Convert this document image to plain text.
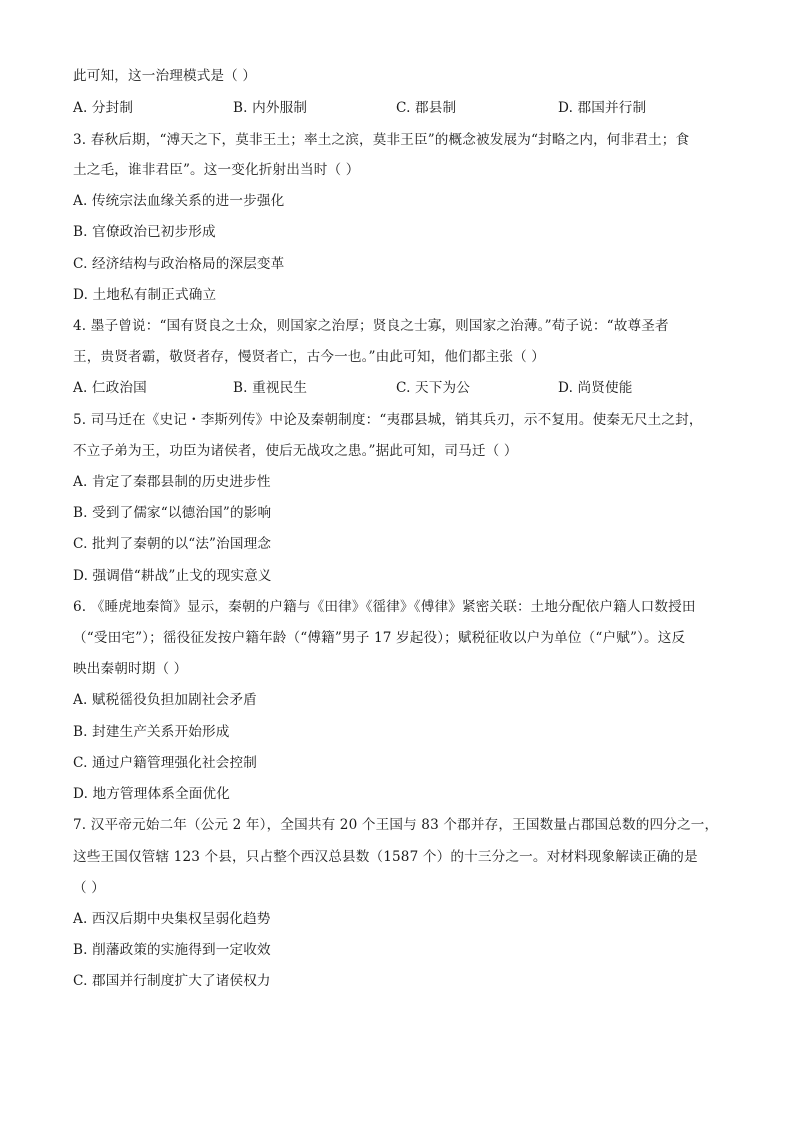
此可知，这一治理模式是（ ）
A. 分封制	B. 内外服制	C. 郡县制	D. 郡国并行制
3. 春秋后期，“溥天之下，莫非王土；率土之滨，莫非王臣”的概念被发展为“封略之内，何非君土；食
土之毛，谁非君臣”。这一变化折射出当时（ ）
A. 传统宗法血缘关系的进一步强化
B. 官僚政治已初步形成
C. 经济结构与政治格局的深层变革
D. 土地私有制正式确立
4. 墨子曾说：“国有贤良之士众，则国家之治厚；贤良之士寡，则国家之治薄。”荀子说：“故尊圣者
王，贵贤者霸，敬贤者存，慢贤者亡，古今一也。”由此可知，他们都主张（ ）
A. 仁政治国	B. 重视民生	C. 天下为公	D. 尚贤使能
5. 司马迁在《史记・李斯列传》中论及秦朝制度：“夷郡县城，销其兵刃，示不复用。使秦无尺土之封，
不立子弟为王，功臣为诸侯者，使后无战攻之患。”据此可知，司马迁（ ）
A. 肯定了秦郡县制的历史进步性
B. 受到了儒家“以德治国”的影响
C. 批判了秦朝的以“法”治国理念
D. 强调借“耕战”止戈的现实意义
6. 《睡虎地秦简》显示，秦朝的户籍与《田律》《徭律》《傅律》紧密关联：土地分配依户籍人口数授田
（“受田宅”）；徭役征发按户籍年龄（“傅籍”男子 17 岁起役）；赋税征收以户为单位（“户赋”）。这反
映出秦朝时期（ ）
A. 赋税徭役负担加剧社会矛盾
B. 封建生产关系开始形成
C. 通过户籍管理强化社会控制
D. 地方管理体系全面优化
7. 汉平帝元始二年（公元 2 年），全国共有 20 个王国与 83 个郡并存，王国数量占郡国总数的四分之一，
这些王国仅管辖 123 个县，只占整个西汉总县数（1587 个）的十三分之一。对材料现象解读正确的是
（ ）
A. 西汉后期中央集权呈弱化趋势
B. 削藩政策的实施得到一定收效
C. 郡国并行制度扩大了诸侯权力
